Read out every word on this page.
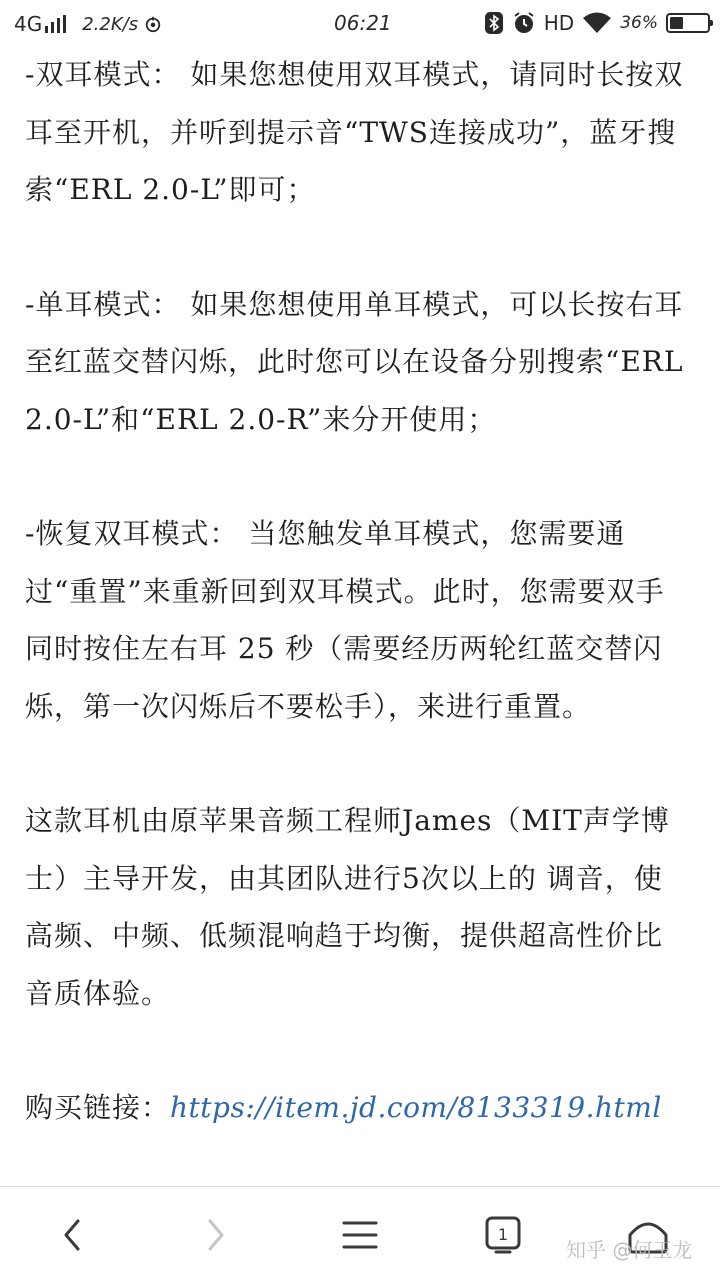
4G 2.2K/s	06:21	HD	36%

-双耳模式： 如果您想使用双耳模式，请同时长按双耳至开机，并听到提示音“TWS连接成功”，蓝牙搜索“ERL 2.0-L”即可；

-单耳模式： 如果您想使用单耳模式，可以长按右耳至红蓝交替闪烁，此时您可以在设备分别搜索“ERL 2.0-L”和“ERL 2.0-R”来分开使用；

-恢复双耳模式： 当您触发单耳模式，您需要通过“重置”来重新回到双耳模式。此时，您需要双手同时按住左右耳 25 秒（需要经历两轮红蓝交替闪烁，第一次闪烁后不要松手），来进行重置。

这款耳机由原苹果音频工程师James（MIT声学博士）主导开发，由其团队进行5次以上的 调音，使高频、中频、低频混响趋于均衡，提供超高性价比音质体验。

购买链接：https://item.jd.com/8133319.html

1
知乎 @何玉龙
